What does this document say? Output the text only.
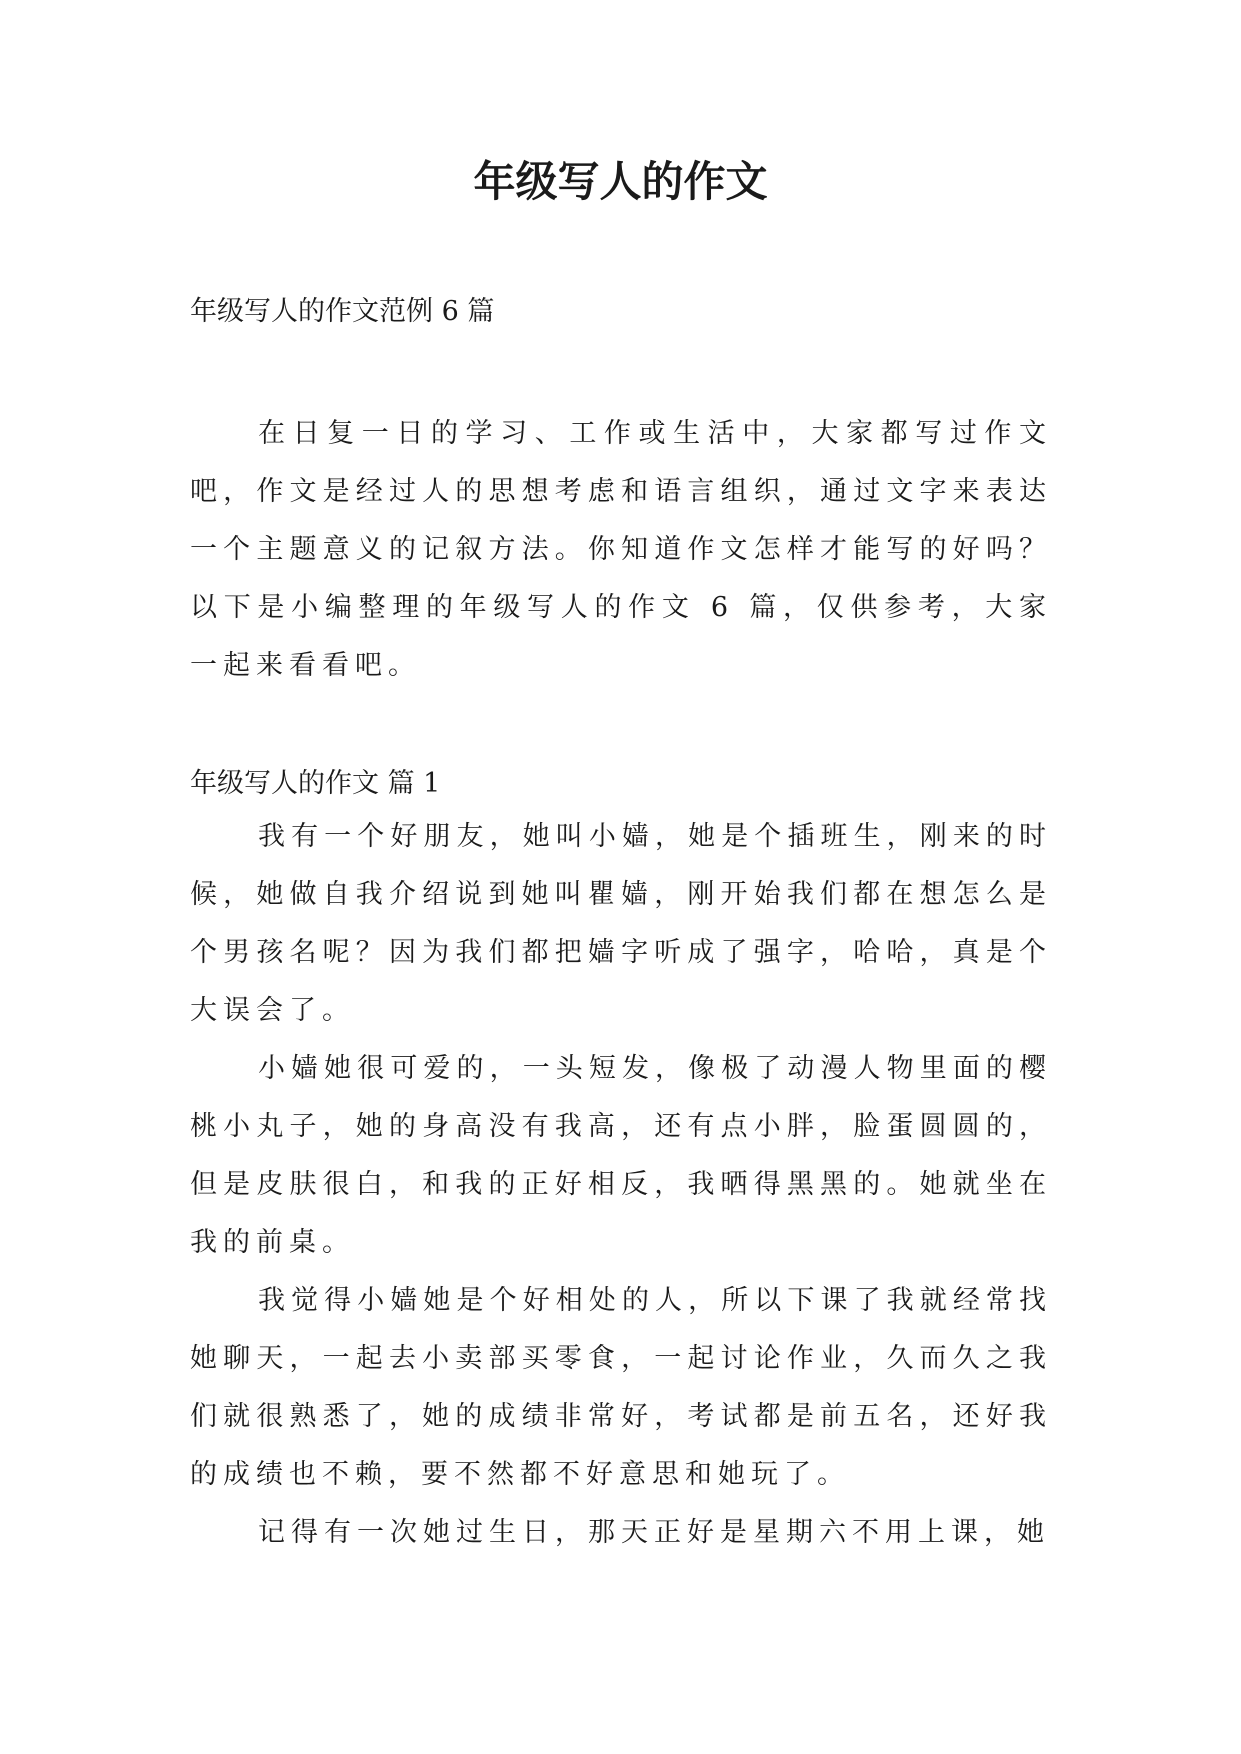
年级写人的作文

年级写人的作文范例 6 篇

在日复一日的学习、工作或生活中，大家都写过作文吧，作文是经过人的思想考虑和语言组织，通过文字来表达一个主题意义的记叙方法。你知道作文怎样才能写的好吗？以下是小编整理的年级写人的作文 6 篇，仅供参考，大家一起来看看吧。

年级写人的作文 篇 1

我有一个好朋友，她叫小嫱，她是个插班生，刚来的时候，她做自我介绍说到她叫瞿嫱，刚开始我们都在想怎么是个男孩名呢？因为我们都把嫱字听成了强字，哈哈，真是个大误会了。

小嫱她很可爱的，一头短发，像极了动漫人物里面的樱桃小丸子，她的身高没有我高，还有点小胖，脸蛋圆圆的，但是皮肤很白，和我的正好相反，我晒得黑黑的。她就坐在我的前桌。

我觉得小嫱她是个好相处的人，所以下课了我就经常找她聊天，一起去小卖部买零食，一起讨论作业，久而久之我们就很熟悉了，她的成绩非常好，考试都是前五名，还好我的成绩也不赖，要不然都不好意思和她玩了。

记得有一次她过生日，那天正好是星期六不用上课，她
